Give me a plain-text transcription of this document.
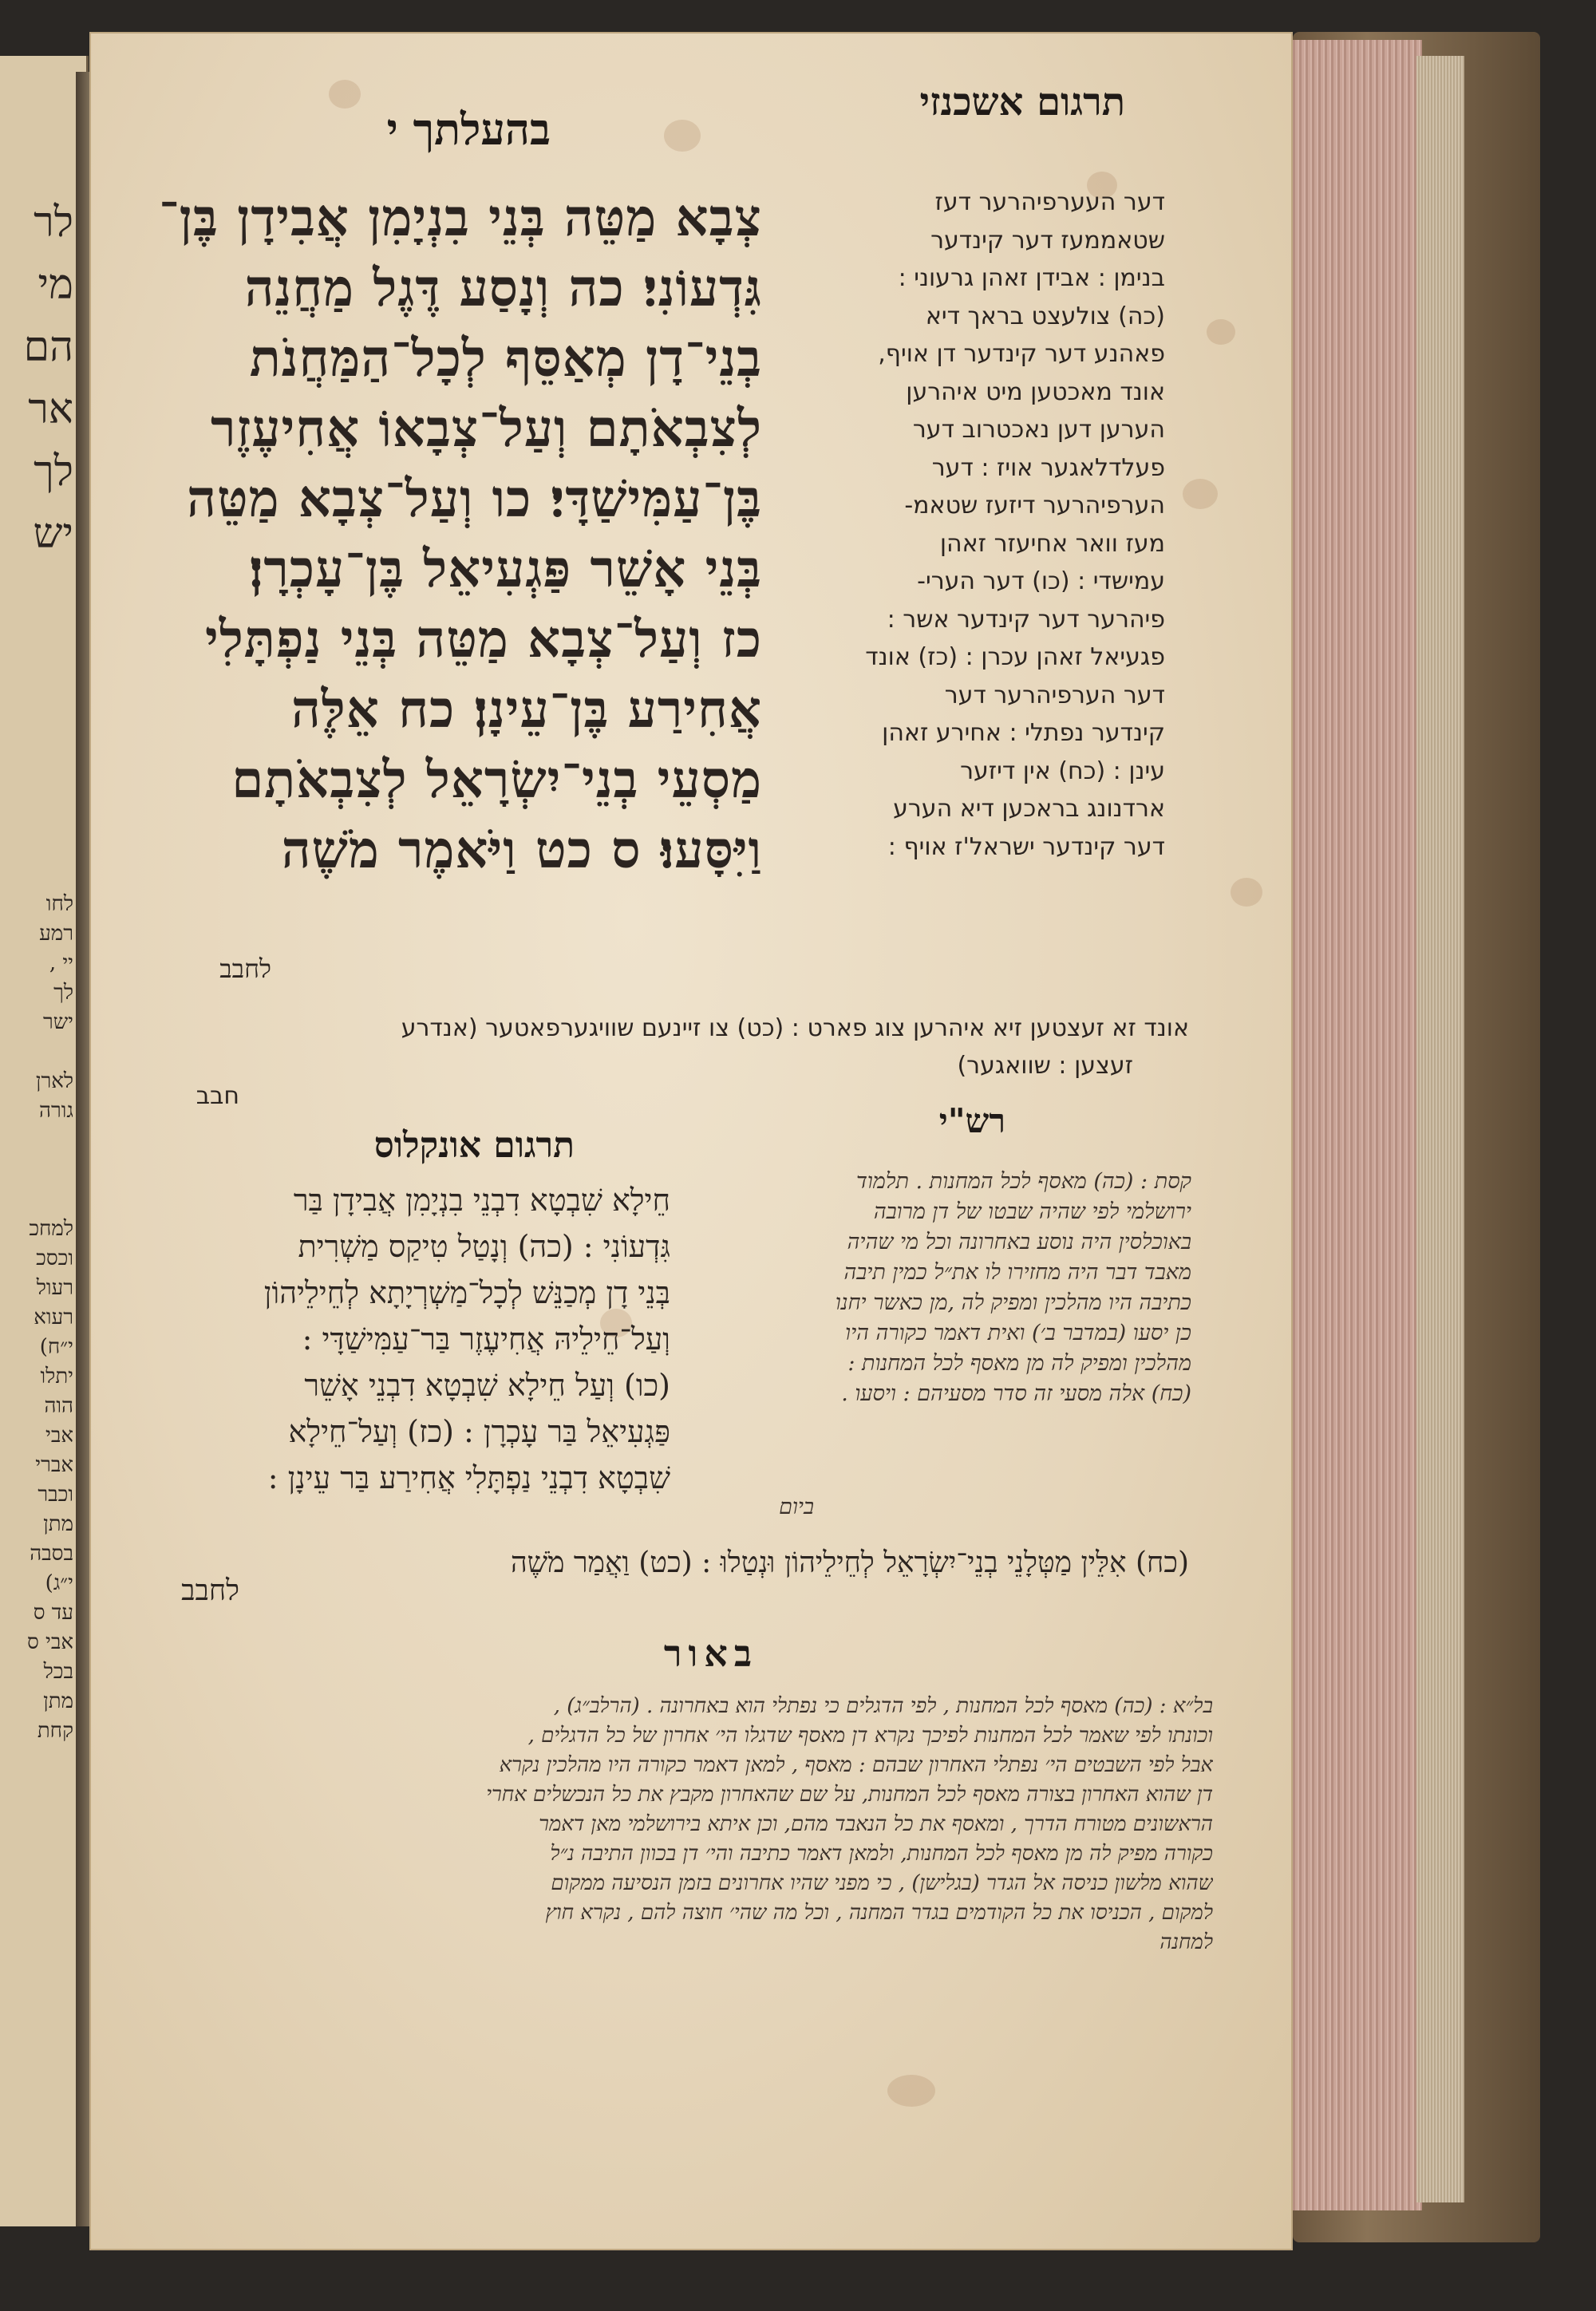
לר
מי
הם
אר
לך
יש
לחו
רמע
יי ,
לך
ישר
לארן
גורה
למחכ
וכסכ
רעול
רעוא
י״ח)
יתלו
הוה
אבי
אברי
וכבר
מתן
בסבה
י״ג)
עד ס
אבי ס
בכל
מתן
קחת
תרגום אשכנזי
בהעלתך י
צְבָא מַטֵּה בְּנֵי בִנְיָמִן אֲבִידָן בֶּן־
גִּדְעוֹנִי׃ כה וְנָסַע דֶּגֶל מַחֲנֵה
בְנֵי־דָן מְאַסֵּף לְכָל־הַמַּחֲנֹת
לְצִבְאֹתָם וְעַל־צְבָאוֹ אֲחִיעֶזֶר
בֶּן־עַמִּישַׁדָּי׃ כו וְעַל־צְבָא מַטֵּה
בְּנֵי אָשֵׁר פַּגְעִיאֵל בֶּן־עָכְרָן׃
כז וְעַל־צְבָא מַטֵּה בְּנֵי נַפְתָּלִי
אֲחִירַע בֶּן־עֵינָן׃ כח אֵלֶּה
מַסְעֵי בְנֵי־יִשְׂרָאֵל לְצִבְאֹתָם
וַיִּסָּעוּ׃ ס כט וַיֹּאמֶר מֹשֶׁה
לחבב
דער העערפיהרער דעז
שטאממעז דער קינדער
בנימן : אבידן זאהן גרעוני :
(כה) צולעצט בראך דיא
פאהנע דער קינדער דן אויף,
אונד מאכטען מיט איהרען
הערען דען נאכטרוב דער
פעלדלאגער אויז : דער
הערפיהרער דיזעז שטאמ-
מעז וואר אחיעזר זאהן
עמישדי : (כו) דער הערי-
פיהרער דער קינדער אשר :
פגעיאל זאהן עכרן : (כז) אונד
דער הערפיהרער דער
קינדער נפתלי : אחירע זאהן
עינן : (כח) אין דיזער
ארדנונג בראכען דיא הערע
דער קינדער ישראל'ז אויף :
אונד זא זעצטען זיא איהרען צוג פארט : (כט) צו זיינעם שוויגערפאטער (אנדרע
זעצען : שוואגער)
חבב
רש"י
קסת : (כה) מאסף לכל המחנות . תלמוד
ירושלמי לפי שהיה שבטו של דן מרובה
באוכלסין היה נוסע באחרונה וכל מי שהיה
מאבד דבר היה מחזירו לו את״ל כמין תיבה
כתיבה היו מהלכין ומפיק לה ,מן כאשר יחנו
כן יסעו (במדבר ב׳) ואית דאמר כקורה היו
מהלכין ומפיק לה מן מאסף לכל המחנות :
(כח) אלה מסעי זה סדר מסעיהם : ויסעו .
ביום
תרגום אונקלוס
חֵילָא שִׁבְטָא דִבְנֵי בִנְיָמִן אֲבִידָן בַּר
גִּדְעוֹנִי : (כה) וְנָטַל טִיקַס מַשְׁרִית
בְּנֵי דָן מְכַנֵּשׁ לְכָל־מַשְׁרְיָתָא לְחֵילֵיהוֹן
וְעַל־חֵילֵיהּ אֲחִיעֶזֶר בַּר־עַמִּישַׁדָּי :
(כו) וְעַל חֵילָא שִׁבְטָא דִבְנֵי אָשֵׁר
פַּגְעִיאֵל בַּר עָכְרָן : (כז) וְעַל־חֵילָא
שִׁבְטָא דִבְנֵי נַפְתָּלִי אֲחִירַע בַּר עֵינָן :
(כח) אִלֵּין מַטְּלָנֵי בְנֵי־יִשְׂרָאֵל לְחֵילֵיהוֹן וּנְטַלוּ : (כט) וַאֲמַר מֹשֶׁה
לחבב
באור
בל״א : (כה) מאסף לכל המחנות , לפי הדגלים כי נפתלי הוא באחרונה . (הרלב״ג) ,
וכונתו לפי שאמר לכל המחנות לפיכך נקרא דן מאסף שדגלו הי׳ אחרון של כל הדגלים ,
אבל לפי השבטים הי׳ נפתלי האחרון שבהם : מאסף , למאן דאמר כקורה היו מהלכין נקרא
דן שהוא האחרון בצורה מאסף לכל המחנות, על שם שהאחרון מקבץ את כל הנכשלים אחרי
הראשונים מטורח הדרך , ומאסף את כל הנאבד מהם, וכן איתא בירושלמי מאן דאמר
כקורה מפיק לה מן מאסף לכל המחנות, ולמאן דאמר כתיבה והי׳ דן בכוון התיבה נ״ל
שהוא מלשון כניסה אל הגדר (בגלישן) , כי מפני שהיו אחרונים בזמן הנסיעה ממקום
למקום , הכניסו את כל הקודמים בגדר המחנה , וכל מה שהי׳ חוצה להם , נקרא חוץ
למחנה
